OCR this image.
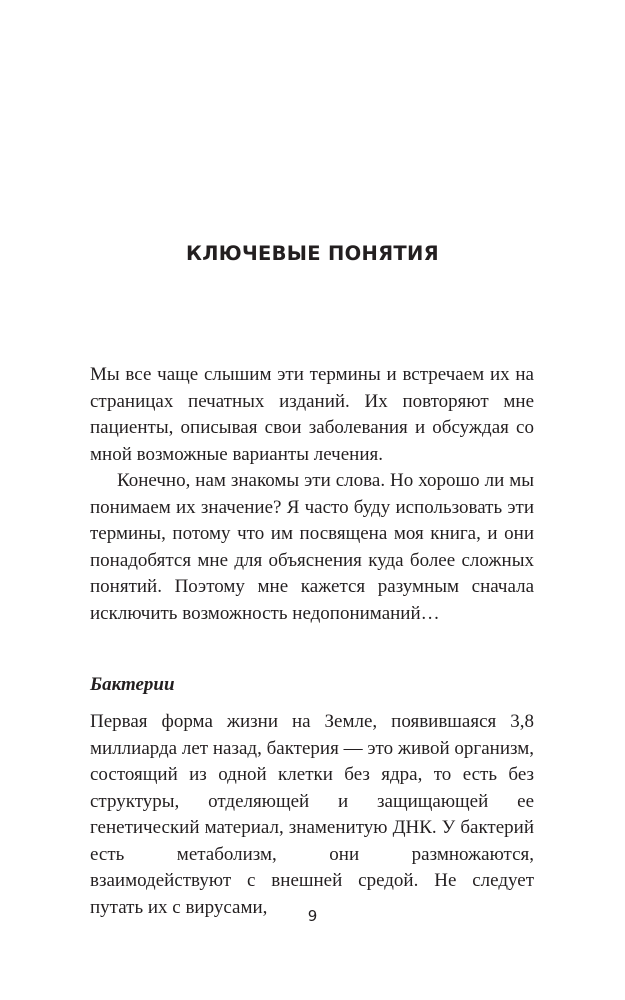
КЛЮЧЕВЫЕ ПОНЯТИЯ

Мы все чаще слышим эти термины и встречаем их на страницах печатных изданий. Их повторяют мне пациенты, описывая свои заболевания и обсуждая со мной возможные варианты лечения.

Конечно, нам знакомы эти слова. Но хорошо ли мы понимаем их значение? Я часто буду использовать эти термины, потому что им посвящена моя книга, и они понадобятся мне для объяснения куда более сложных понятий. Поэтому мне кажется разумным сначала исключить возможность недопониманий…

Бактерии

Первая форма жизни на Земле, появившаяся 3,8 миллиарда лет назад, бактерия — это живой организм, состоящий из одной клетки без ядра, то есть без структуры, отделяющей и защищающей ее генетический материал, знаменитую ДНК. У бактерий есть метаболизм, они размножаются, взаимодействуют с внешней средой. Не следует путать их с вирусами,	9
